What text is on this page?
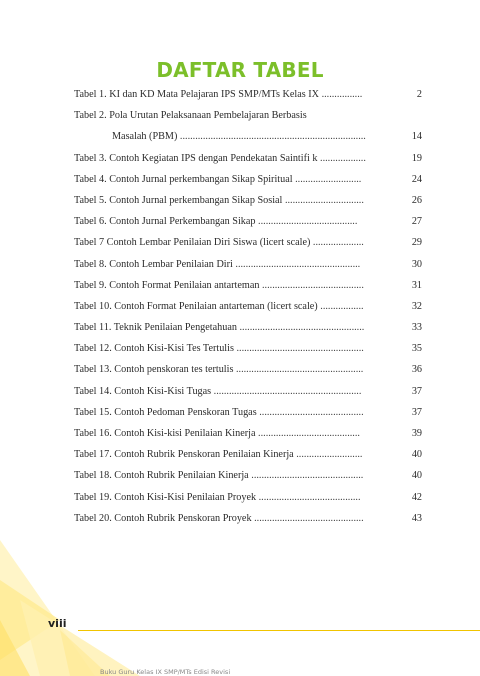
DAFTAR TABEL
Tabel 1. KI dan KD Mata Pelajaran IPS SMP/MTs Kelas IX ................	2
Tabel 2. Pola Urutan Pelaksanaan Pembelajaran Berbasis
Masalah (PBM) .........................................................................	14
Tabel 3. Contoh Kegiatan IPS dengan Pendekatan Saintifi k ..................	19
Tabel 4. Contoh Jurnal perkembangan Sikap Spiritual ..........................	24
Tabel 5. Contoh Jurnal perkembangan Sikap Sosial ...............................	26
Tabel 6. Contoh Jurnal Perkembangan Sikap .......................................	27
Tabel 7 Contoh Lembar Penilaian Diri Siswa (licert scale) ....................	29
Tabel 8. Contoh Lembar Penilaian Diri .................................................	30
Tabel 9. Contoh Format Penilaian antarteman ........................................	31
Tabel 10. Contoh Format Penilaian antarteman (licert scale) .................	32
Tabel 11. Teknik Penilaian Pengetahuan .................................................	33
Tabel 12. Contoh Kisi-Kisi Tes Tertulis ..................................................	35
Tabel 13. Contoh penskoran tes tertulis ..................................................	36
Tabel 14. Contoh Kisi-Kisi Tugas ..........................................................	37
Tabel 15. Contoh Pedoman Penskoran Tugas .........................................	37
Tabel 16. Contoh Kisi-kisi Penilaian Kinerja ........................................	39
Tabel 17. Contoh Rubrik Penskoran Penilaian Kinerja ..........................	40
Tabel 18. Contoh Rubrik Penilaian Kinerja ............................................	40
Tabel 19. Contoh Kisi-Kisi Penilaian Proyek ........................................	42
Tabel 20. Contoh Rubrik Penskoran Proyek ...........................................	43
viii
Buku Guru Kelas IX SMP/MTs Edisi Revisi
